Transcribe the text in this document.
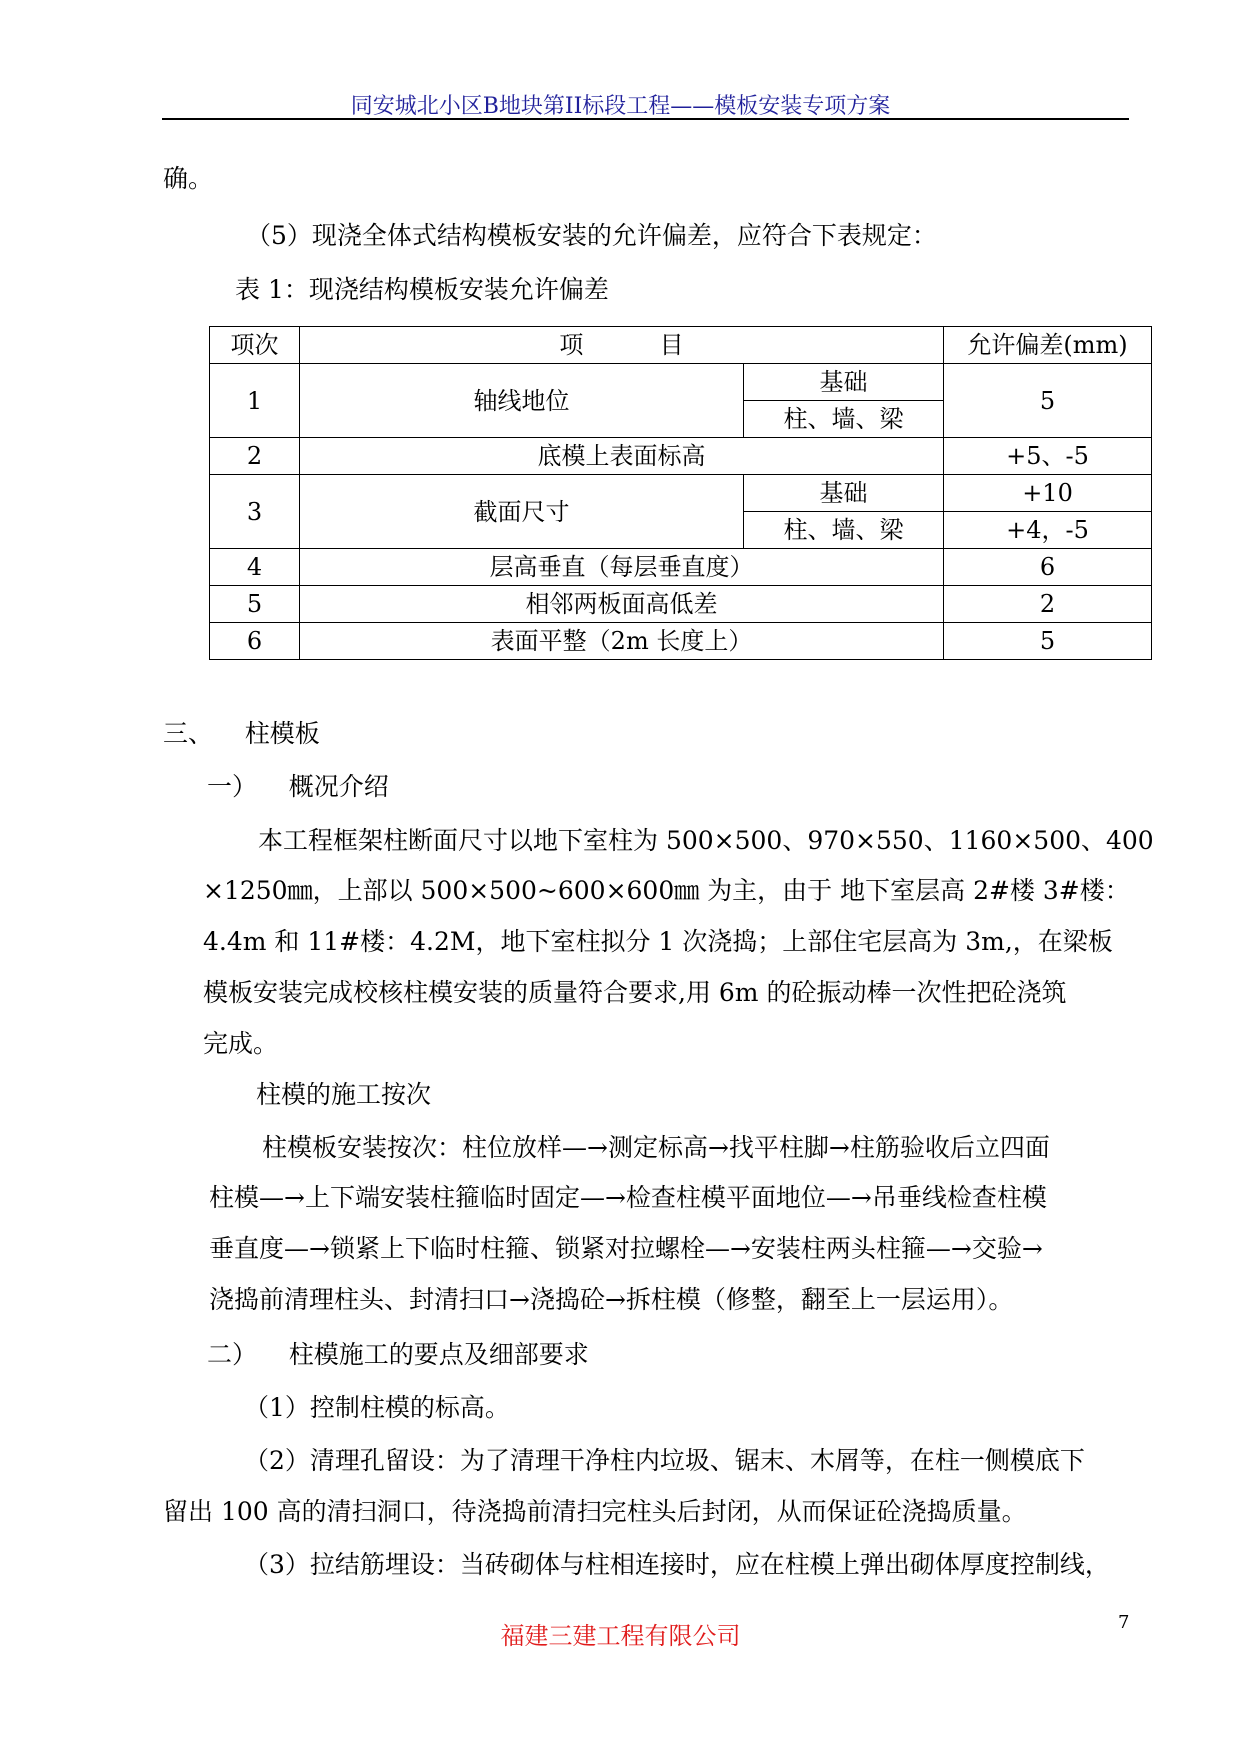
同安城北小区B地块第II标段工程——模板安装专项方案
确。
（5）现浇全体式结构模板安装的允许偏差，应符合下表规定：
表 1：现浇结构模板安装允许偏差
项次	项          目		允许偏差(mm)
1	轴线地位	基础	5
		柱、墙、梁	
2	底模上表面标高		+5、-5
3	截面尺寸	基础	+10
		柱、墙、梁	+4，-5
4	层高垂直（每层垂直度）		6
5	相邻两板面高低差		2
6	表面平整（2m 长度上）		5
三、    柱模板
一）    概况介绍
本工程框架柱断面尺寸以地下室柱为 500×500、970×550、1160×500、400
×1250㎜，上部以 500×500~600×600㎜ 为主，由于 地下室层高 2#楼 3#楼：
4.4m 和 11#楼：4.2M，地下室柱拟分 1 次浇捣；上部住宅层高为 3m,，在梁板
模板安装完成校核柱模安装的质量符合要求,用 6m 的砼振动棒一次性把砼浇筑
完成。
柱模的施工按次
柱模板安装按次：柱位放样—→测定标高→找平柱脚→柱筋验收后立四面
柱模—→上下端安装柱箍临时固定—→检查柱模平面地位—→吊垂线检查柱模
垂直度—→锁紧上下临时柱箍、锁紧对拉螺栓—→安装柱两头柱箍—→交验→
浇捣前清理柱头、封清扫口→浇捣砼→拆柱模（修整，翻至上一层运用）。
二）    柱模施工的要点及细部要求
（1）控制柱模的标高。
（2）清理孔留设：为了清理干净柱内垃圾、锯末、木屑等，在柱一侧模底下
留出 100 高的清扫洞口，待浇捣前清扫完柱头后封闭，从而保证砼浇捣质量。
（3）拉结筋埋设：当砖砌体与柱相连接时，应在柱模上弹出砌体厚度控制线，
福建三建工程有限公司	7
